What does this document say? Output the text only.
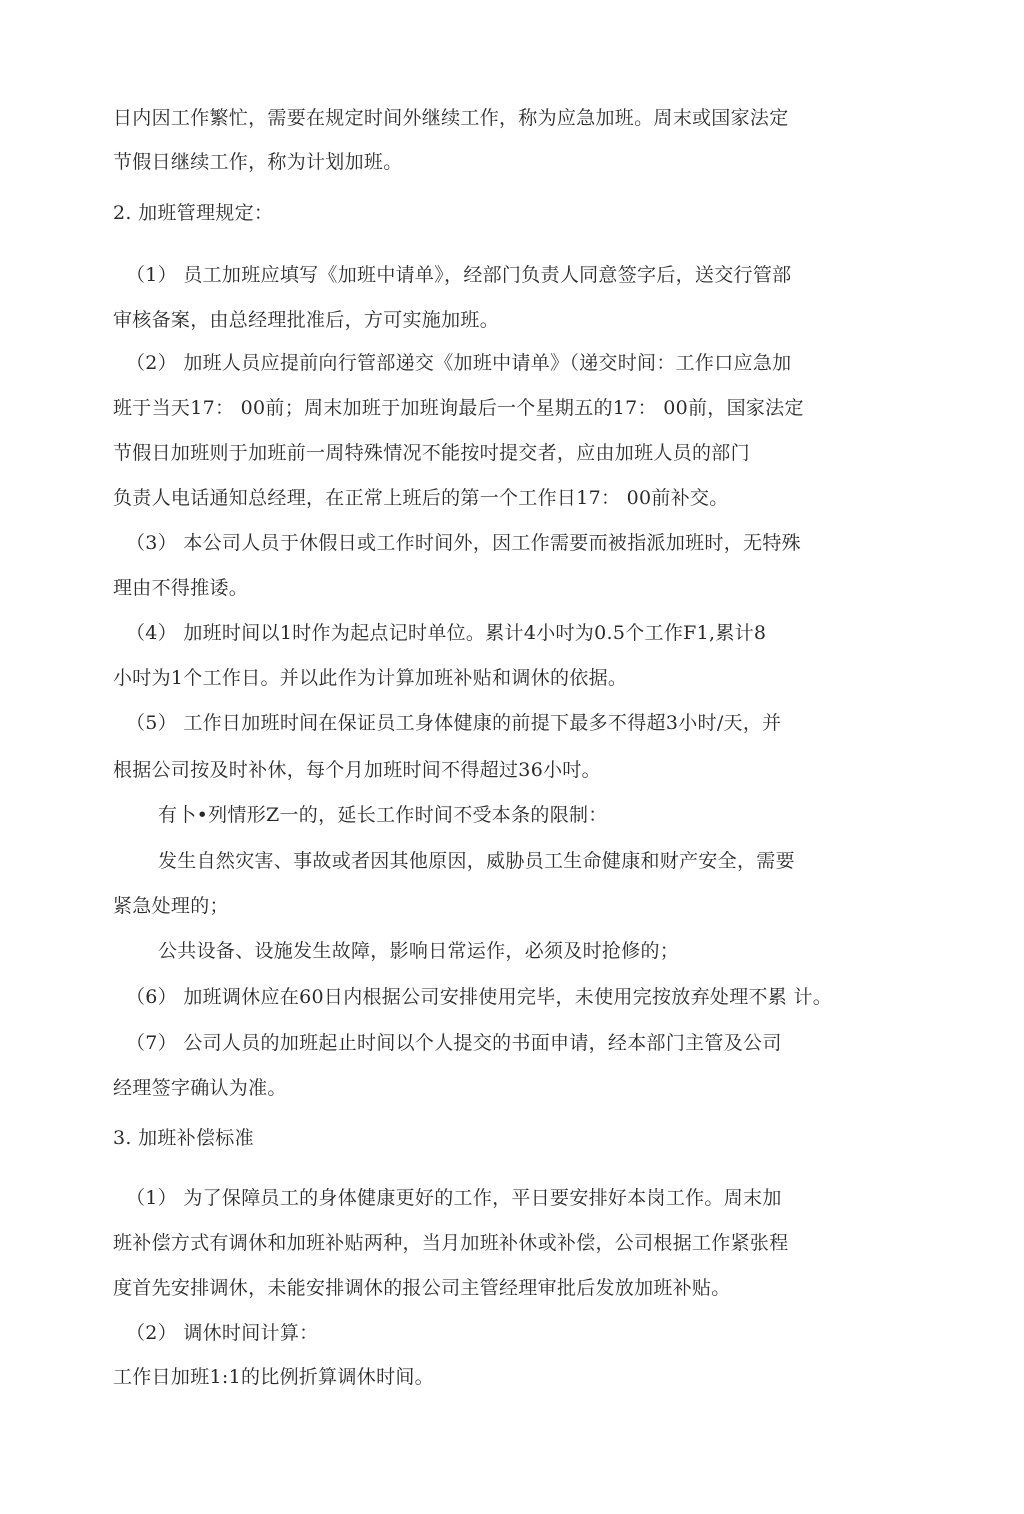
日内因工作繁忙，需要在规定时间外继续工作，称为应急加班。周末或国家法定
节假日继续工作，称为计划加班。
2. 加班管理规定：
（1） 员工加班应填写《加班中请单》，经部门负责人同意签字后，送交行管部
审核备案，由总经理批准后，方可实施加班。
（2） 加班人员应提前向行管部递交《加班中请单》（递交时间：工作口应急加
班于当天17： 00前；周末加班于加班询最后一个星期五的17： 00前，国家法定
节假日加班则于加班前一周特殊情况不能按吋提交者，应由加班人员的部门
负责人电话通知总经理，在正常上班后的第一个工作日17： 00前补交。
（3） 本公司人员于休假日或工作时间外，因工作需要而被指派加班时，无特殊
理由不得推诿。
（4） 加班时间以1时作为起点记时单位。累计4小吋为0.5个工作F1,累计8
小吋为1个工作日。并以此作为计算加班补贴和调休的依据。
（5） 工作日加班时间在保证员工身体健康的前提下最多不得超3小时/天，并
根据公司按及时补休，每个月加班时间不得超过36小吋。
有卜•列情形Z一的，延长工作时间不受本条的限制：
发生自然灾害、事故或者因其他原因，威胁员工生命健康和财产安全，需要
紧急处理的；
公共设备、设施发生故障，影响日常运作，必须及时抢修的；
（6） 加班调休应在60日内根据公司安排使用完毕，未使用完按放弃处理不累 计。
（7） 公司人员的加班起止时间以个人提交的书面申请，经本部门主管及公司
经理签字确认为准。
3. 加班补偿标准
（1） 为了保障员工的身体健康更好的工作，平日要安排好本岗工作。周末加
班补偿方式有调休和加班补贴两种，当月加班补休或补偿，公司根据工作紧张程
度首先安排调休，未能安排调休的报公司主管经理审批后发放加班补贴。
（2） 调休时间计算：
工作日加班1:1的比例折算调休时间。
